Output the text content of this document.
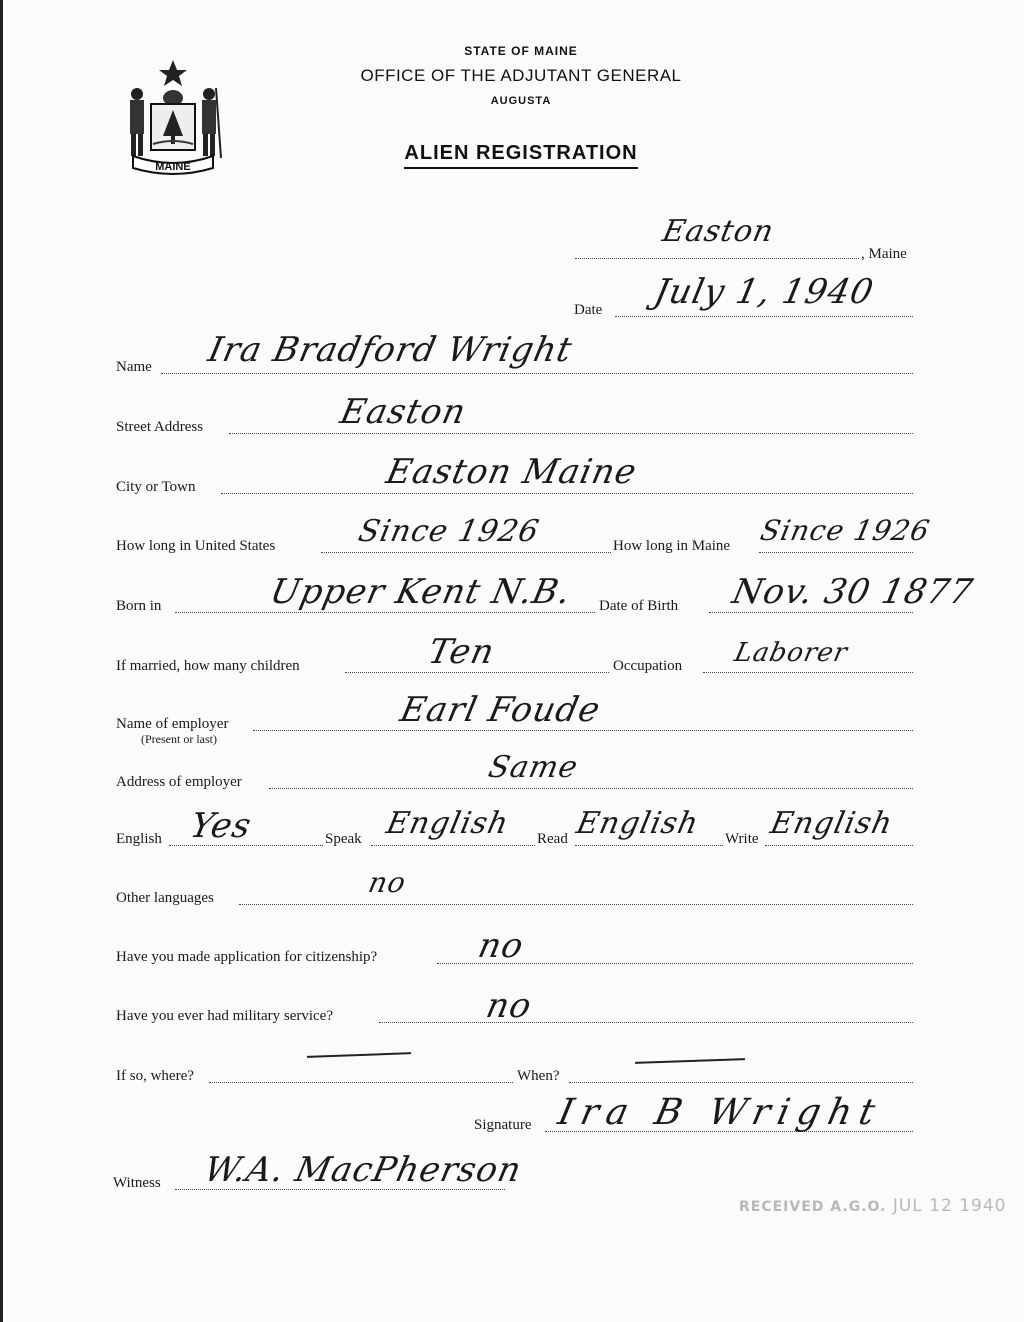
MAINE
STATE OF MAINE
OFFICE OF THE ADJUTANT GENERAL
AUGUSTA
ALIEN REGISTRATION
Easton
, Maine
Date July 1, 1940
Name Ira Bradford Wright
Street Address	Easton
City or Town	Easton Maine
How long in United States	Since 1926	How long in Maine Since 1926
Born in	Upper Kent N.B. Date of Birth Nov. 30 1877
If married, how many children	Ten	Occupation Laborer
Name of employer
(Present or last)
Earl Foude
Address of employer	Same
English Yes	Speak English Read English Write English
Other languages	no
Have you made application for citizenship?	no
Have you ever had military service?	no
If so, where?	When?
Signature Ira B Wright
Witness W.A. MacPherson
RECEIVED A.G.O. JUL 12 1940
